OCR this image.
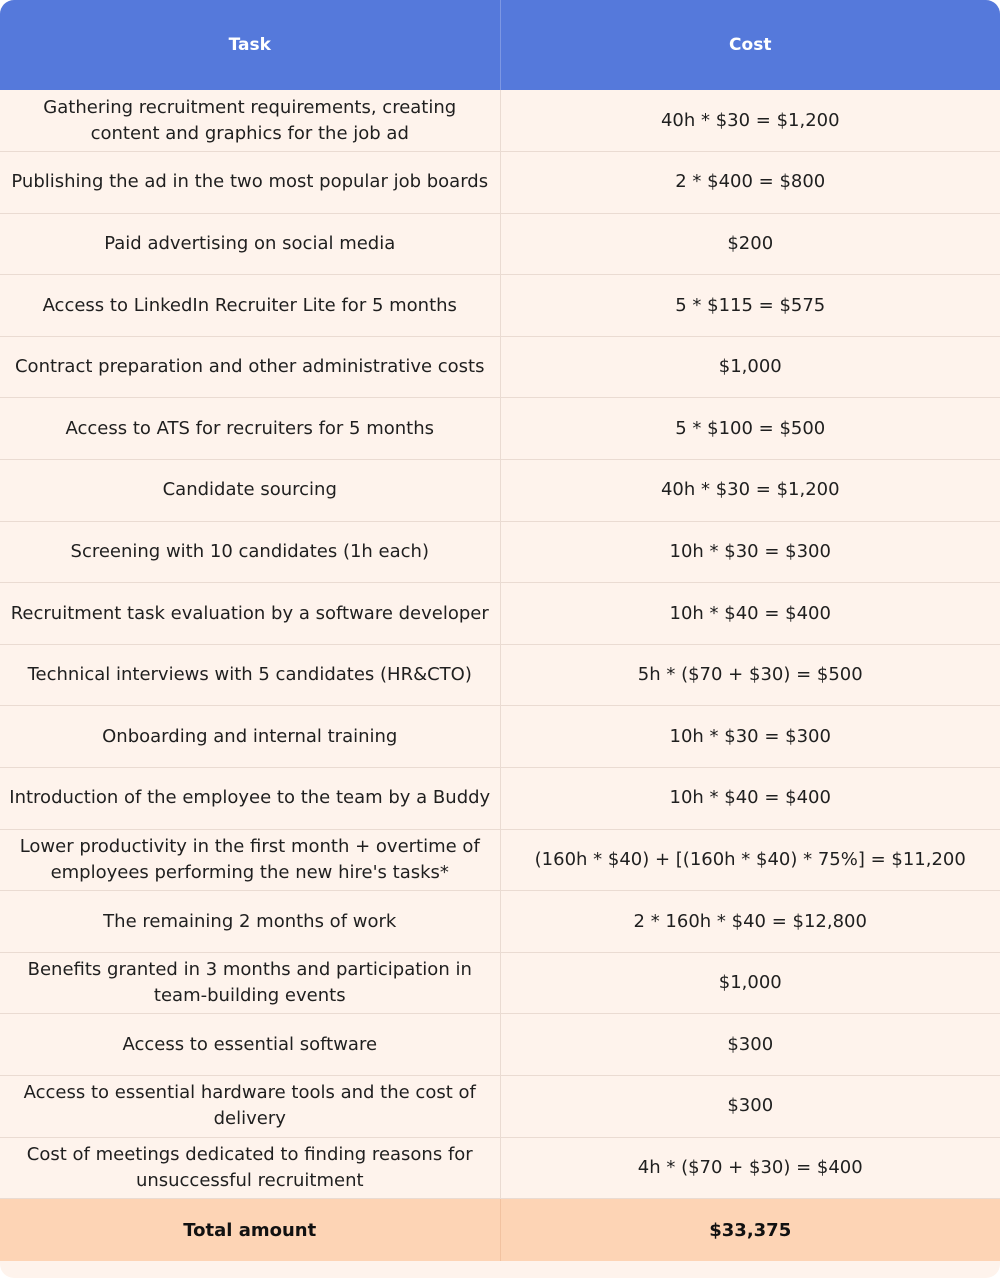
Task	Cost
Gathering recruitment requirements, creating content and graphics for the job ad	40h * $30 = $1,200
Publishing the ad in the two most popular job boards	2 * $400 = $800
Paid advertising on social media	$200
Access to LinkedIn Recruiter Lite for 5 months	5 * $115 = $575
Contract preparation and other administrative costs	$1,000
Access to ATS for recruiters for 5 months	5 * $100 = $500
Candidate sourcing	40h * $30 = $1,200
Screening with 10 candidates (1h each)	10h * $30 = $300
Recruitment task evaluation by a software developer	10h * $40 = $400
Technical interviews with 5 candidates (HR&CTO)	5h * ($70 + $30) = $500
Onboarding and internal training	10h * $30 = $300
Introduction of the employee to the team by a Buddy	10h * $40 = $400
Lower productivity in the first month + overtime of employees performing the new hire's tasks*	(160h * $40) + [(160h * $40) * 75%] = $11,200
The remaining 2 months of work	2 * 160h * $40 = $12,800
Benefits granted in 3 months and participation in team-building events	$1,000
Access to essential software	$300
Access to essential hardware tools and the cost of delivery	$300
Cost of meetings dedicated to finding reasons for unsuccessful recruitment	4h * ($70 + $30) = $400
Total amount	$33,375
